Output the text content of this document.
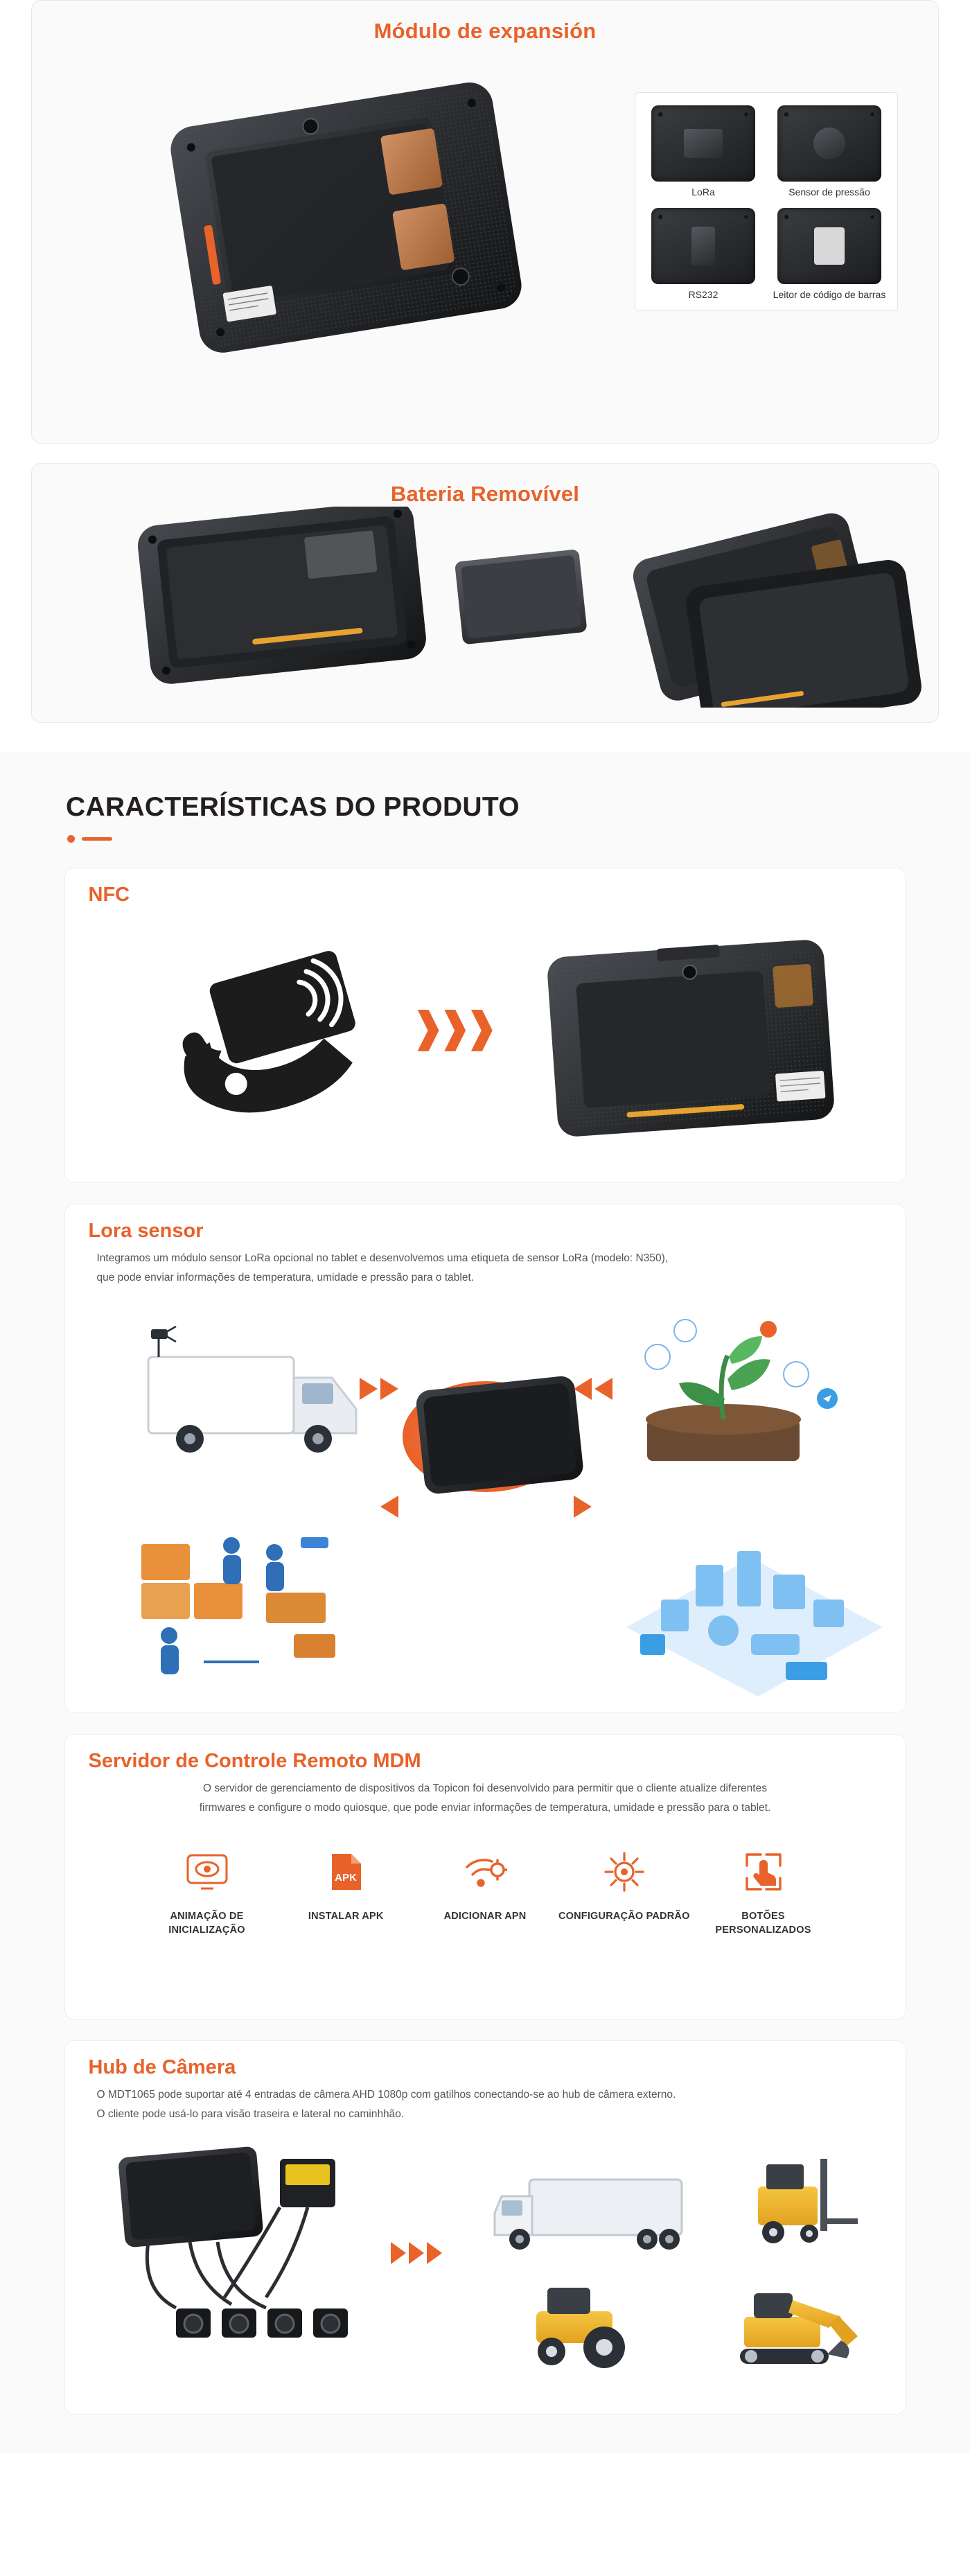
Módulo de expansión
LoRa	Sensor de pressão
RS232	Leitor de código de barras
Bateria Removível
CARACTERÍSTICAS DO PRODUTO
NFC
❱❱❱
Lora sensor
Integramos um módulo sensor LoRa opcional no tablet e desenvolvemos uma etiqueta de sensor LoRa (modelo: N350),
que pode enviar informações de temperatura, umidade e pressão para o tablet.
Servidor de Controle Remoto MDM
O servidor de gerenciamento de dispositivos da Topicon foi desenvolvido para permitir que o cliente atualize diferentes
firmwares e configure o modo quiosque, que pode enviar informações de temperatura, umidade e pressão para o tablet.
ANIMAÇÃO DE INICIALIZAÇÃO
APK
INSTALAR APK	ADICIONAR APN	CONFIGURAÇÃO PADRÃO	BOTÕES PERSONALIZADOS
Hub de Câmera
O MDT1065 pode suportar até 4 entradas de câmera AHD 1080p com gatilhos conectando-se ao hub de câmera externo.
O cliente pode usá-lo para visão traseira e lateral no caminhhão.
